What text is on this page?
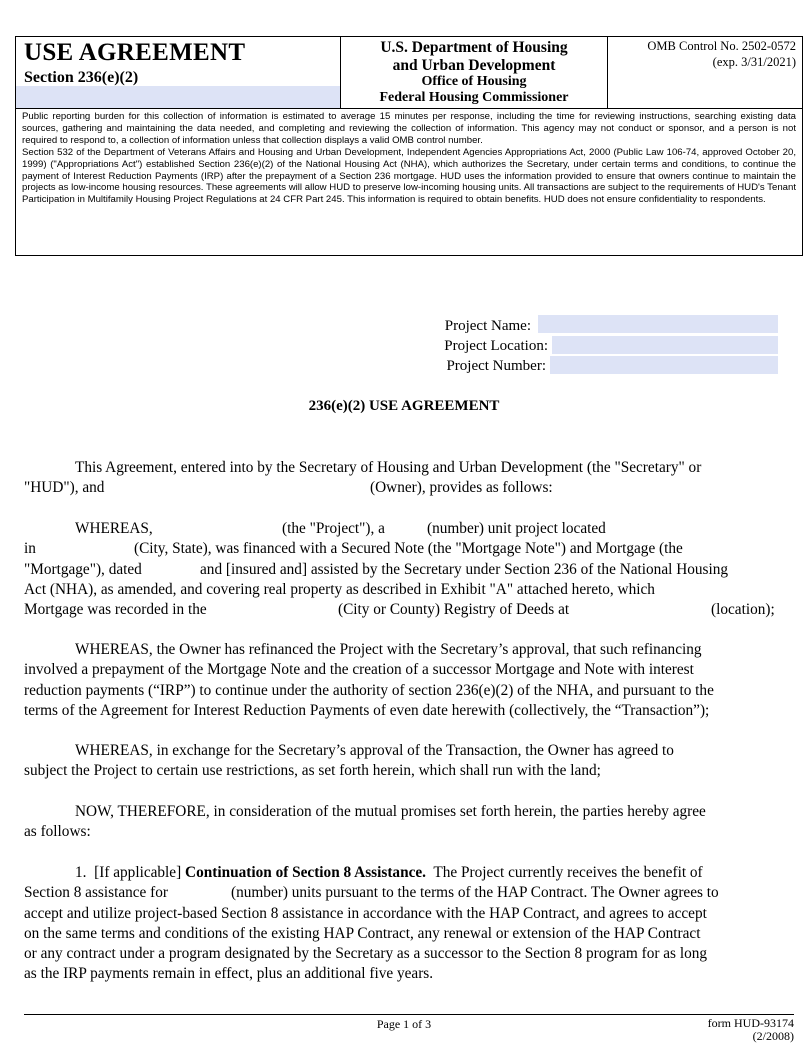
USE AGREEMENT
Section 236(e)(2)
U.S. Department of Housing
and Urban Development
Office of Housing
Federal Housing Commissioner
OMB Control No. 2502-0572
(exp. 3/31/2021)

Public reporting burden for this collection of information is estimated to average 15 minutes per response, including the time for reviewing instructions, searching existing data sources, gathering and maintaining the data needed, and completing and reviewing the collection of information. This agency may not conduct or sponsor, and a person is not required to respond to, a collection of information unless that collection displays a valid OMB control number.

Section 532 of the Department of Veterans Affairs and Housing and Urban Development, Independent Agencies Appropriations Act, 2000 (Public Law 106-74, approved October 20, 1999) ("Appropriations Act") established Section 236(e)(2) of the National Housing Act (NHA), which authorizes the Secretary, under certain terms and conditions, to continue the payment of Interest Reduction Payments (IRP) after the prepayment of a Section 236 mortgage. HUD uses the information provided to ensure that owners continue to maintain the projects as low-income housing resources. These agreements will allow HUD to preserve low-incoming housing units. All transactions are subject to the requirements of HUD's Tenant Participation in Multifamily Housing Project Regulations at 24 CFR Part 245. This information is required to obtain benefits. HUD does not ensure confidentiality to respondents.

Project Name:
Project Location:
Project Number:
236(e)(2) USE AGREEMENT
This Agreement, entered into by the Secretary of Housing and Urban Development (the "Secretary" or
"HUD"), and	(Owner), provides as follows:
WHEREAS,	(the "Project"), a	(number) unit project located
in	(City, State), was financed with a Secured Note (the "Mortgage Note") and Mortgage (the
"Mortgage"), dated	and [insured and] assisted by the Secretary under Section 236 of the National Housing
Act (NHA), as amended, and covering real property as described in Exhibit "A" attached hereto, which
Mortgage was recorded in the	(City or County) Registry of Deeds at	(location);
WHEREAS, the Owner has refinanced the Project with the Secretary’s approval, that such refinancing
involved a prepayment of the Mortgage Note and the creation of a successor Mortgage and Note with interest
reduction payments (“IRP”) to continue under the authority of section 236(e)(2) of the NHA, and pursuant to the
terms of the Agreement for Interest Reduction Payments of even date herewith (collectively, the “Transaction”);
WHEREAS, in exchange for the Secretary’s approval of the Transaction, the Owner has agreed to
subject the Project to certain use restrictions, as set forth herein, which shall run with the land;
NOW, THEREFORE, in consideration of the mutual promises set forth herein, the parties hereby agree
as follows:
1. [If applicable] Continuation of Section 8 Assistance. The Project currently receives the benefit of
Section 8 assistance for	(number) units pursuant to the terms of the HAP Contract. The Owner agrees to
accept and utilize project-based Section 8 assistance in accordance with the HAP Contract, and agrees to accept
on the same terms and conditions of the existing HAP Contract, any renewal or extension of the HAP Contract
or any contract under a program designated by the Secretary as a successor to the Section 8 program for as long
as the IRP payments remain in effect, plus an additional five years.
Page 1 of 3	form HUD-93174
(2/2008)
